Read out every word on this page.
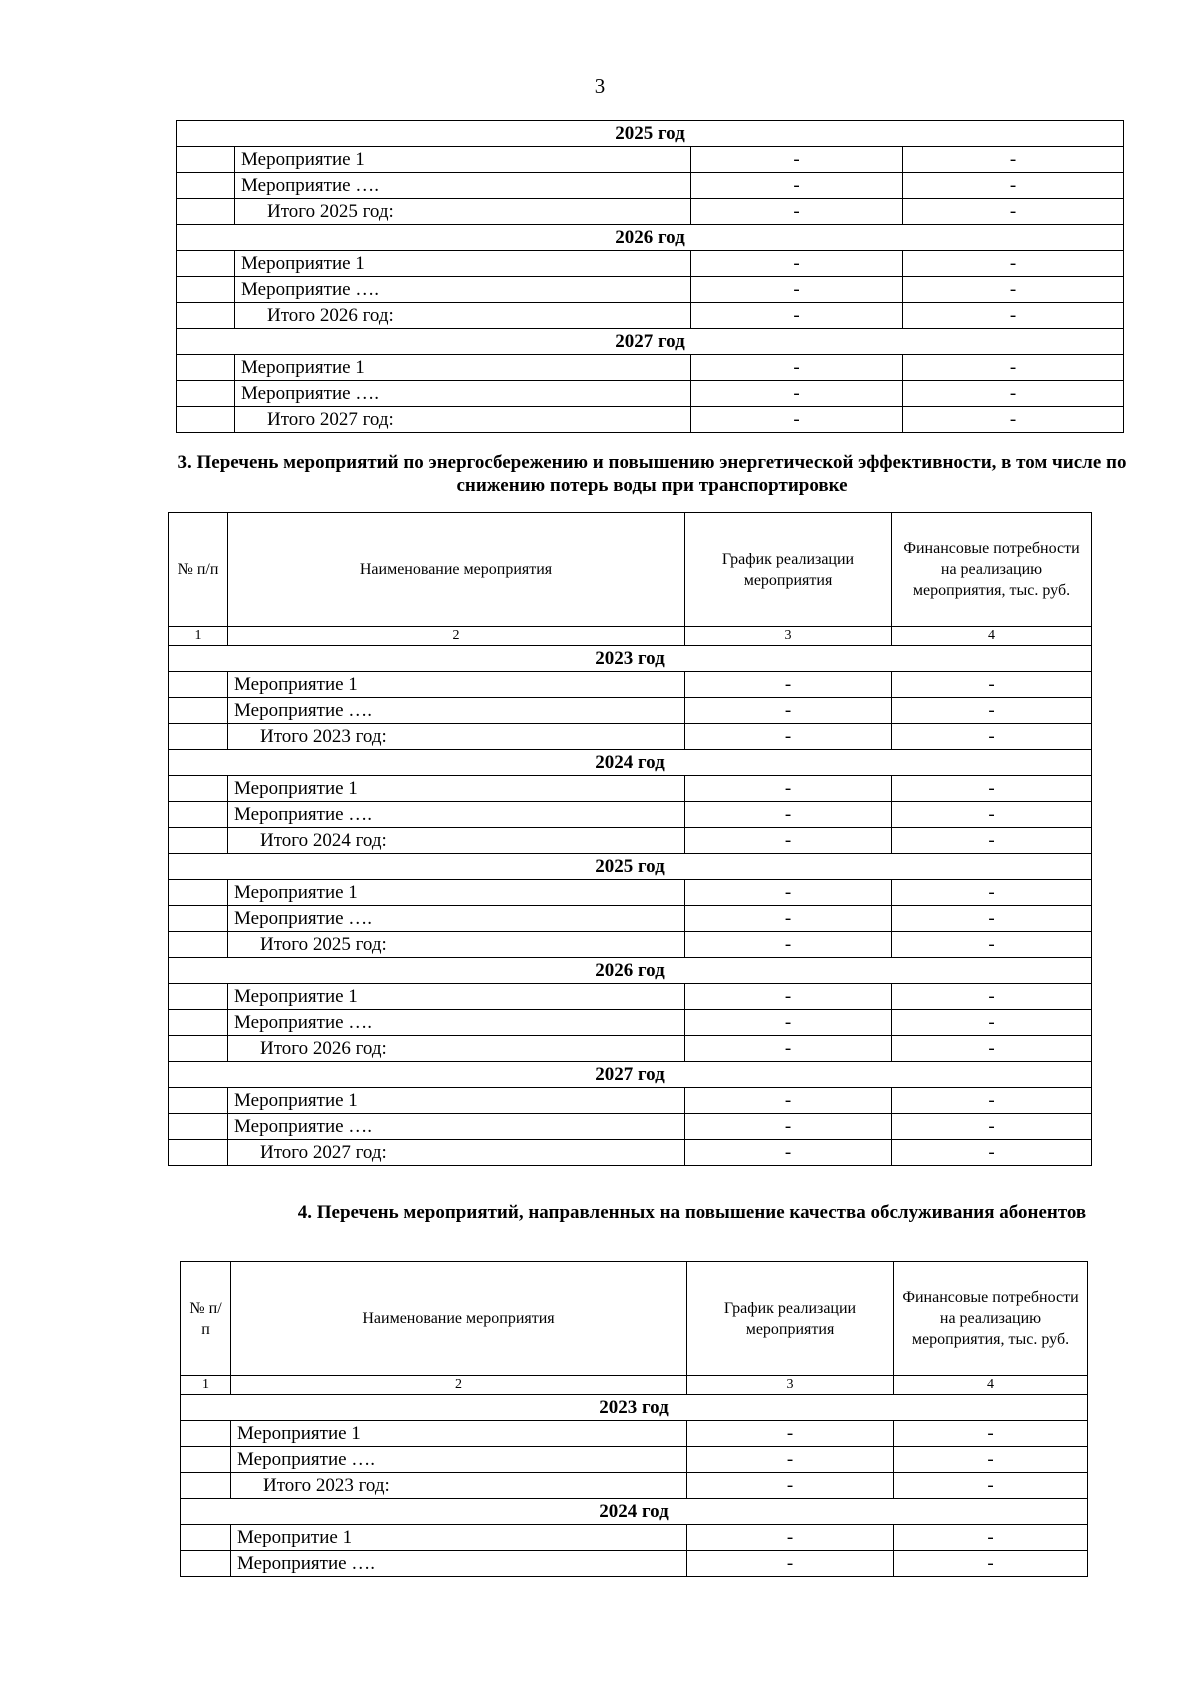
3
2025 год			
	Мероприятие 1	-	-
	Мероприятие ….	-	-
	Итого 2025 год:	-	-
2026 год			
	Мероприятие 1	-	-
	Мероприятие ….	-	-
	Итого 2026 год:	-	-
2027 год			
	Мероприятие 1	-	-
	Мероприятие ….	-	-
	Итого 2027 год:	-	-
3. Перечень мероприятий по энергосбережению и повышению энергетической эффективности, в том числе по снижению потерь воды при транспортировке
№ п/п	Наименование мероприятия	График реализации мероприятия	Финансовые потребности на реализацию мероприятия, тыс. руб.
1	2	3	4
2023 год			
	Мероприятие 1	-	-
	Мероприятие ….	-	-
	Итого 2023 год:	-	-
2024 год			
	Мероприятие 1	-	-
	Мероприятие ….	-	-
	Итого 2024 год:	-	-
2025 год			
	Мероприятие 1	-	-
	Мероприятие ….	-	-
	Итого 2025 год:	-	-
2026 год			
	Мероприятие 1	-	-
	Мероприятие ….	-	-
	Итого 2026 год:	-	-
2027 год			
	Мероприятие 1	-	-
	Мероприятие ….	-	-
	Итого 2027 год:	-	-
4. Перечень мероприятий, направленных на повышение качества обслуживания абонентов
№ п/п	Наименование мероприятия	График реализации мероприятия	Финансовые потребности на реализацию мероприятия, тыс. руб.
1	2	3	4
2023 год			
	Мероприятие 1	-	-
	Мероприятие ….	-	-
	Итого 2023 год:	-	-
2024 год			
	Меропритие 1	-	-
	Мероприятие ….	-	-
